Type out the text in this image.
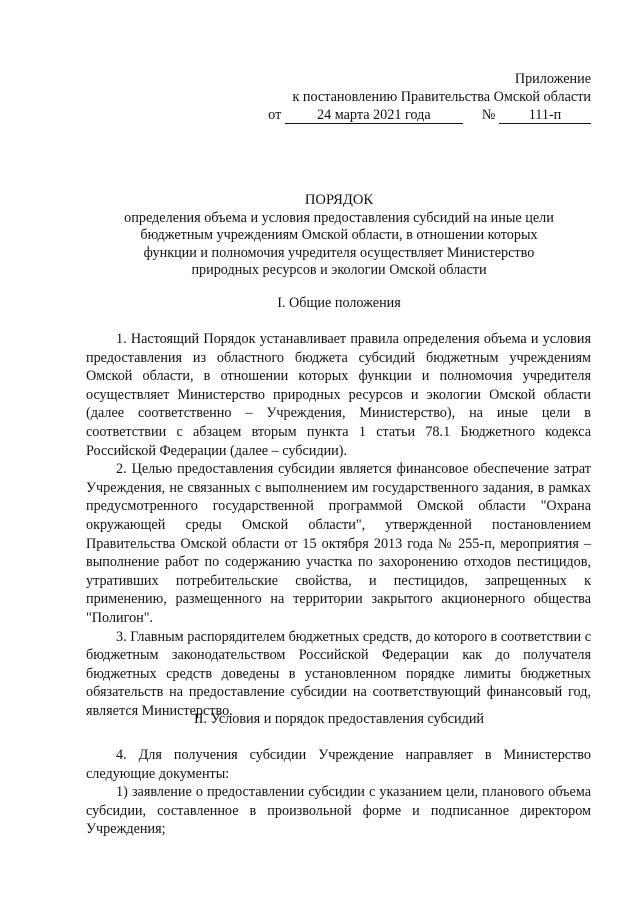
Приложение
к постановлению Правительства Омской области
от	24 марта 2021 года	№ 111-п
ПОРЯДОК
определения объема и условия предоставления субсидий на иные цели
бюджетным учреждениям Омской области, в отношении которых
функции и полномочия учредителя осуществляет Министерство
природных ресурсов и экологии Омской области
I. Общие положения

1. Настоящий Порядок устанавливает правила определения объема и условия предоставления из областного бюджета субсидий бюджетным учреждениям Омской области, в отношении которых функции и полномочия учредителя осуществляет Министерство природных ресурсов и экологии Омской области (далее соответственно – Учреждения, Министерство), на иные цели в соответствии с абзацем вторым пункта 1 статьи 78.1 Бюджетного кодекса Российской Федерации (далее – субсидии).

2. Целью предоставления субсидии является финансовое обеспечение затрат Учреждения, не связанных с выполнением им государственного задания, в рамках предусмотренного государственной программой Омской области "Охрана окружающей среды Омской области", утвержденной постановлением Правительства Омской области от 15 октября 2013 года № 255-п, мероприятия – выполнение работ по содержанию участка по захоронению отходов пестицидов, утративших потребительские свойства, и пестицидов, запрещенных к применению, размещенного на территории закрытого акционерного общества "Полигон".

3. Главным распорядителем бюджетных средств, до которого в соответствии с бюджетным законодательством Российской Федерации как до получателя бюджетных средств доведены в установленном порядке лимиты бюджетных обязательств на предоставление субсидии на соответствующий финансовый год, является Министерство.

II. Условия и порядок предоставления субсидий

4. Для получения субсидии Учреждение направляет в Министерство следующие документы:

1) заявление о предоставлении субсидии с указанием цели, планового объема субсидии, составленное в произвольной форме и подписанное директором Учреждения;
